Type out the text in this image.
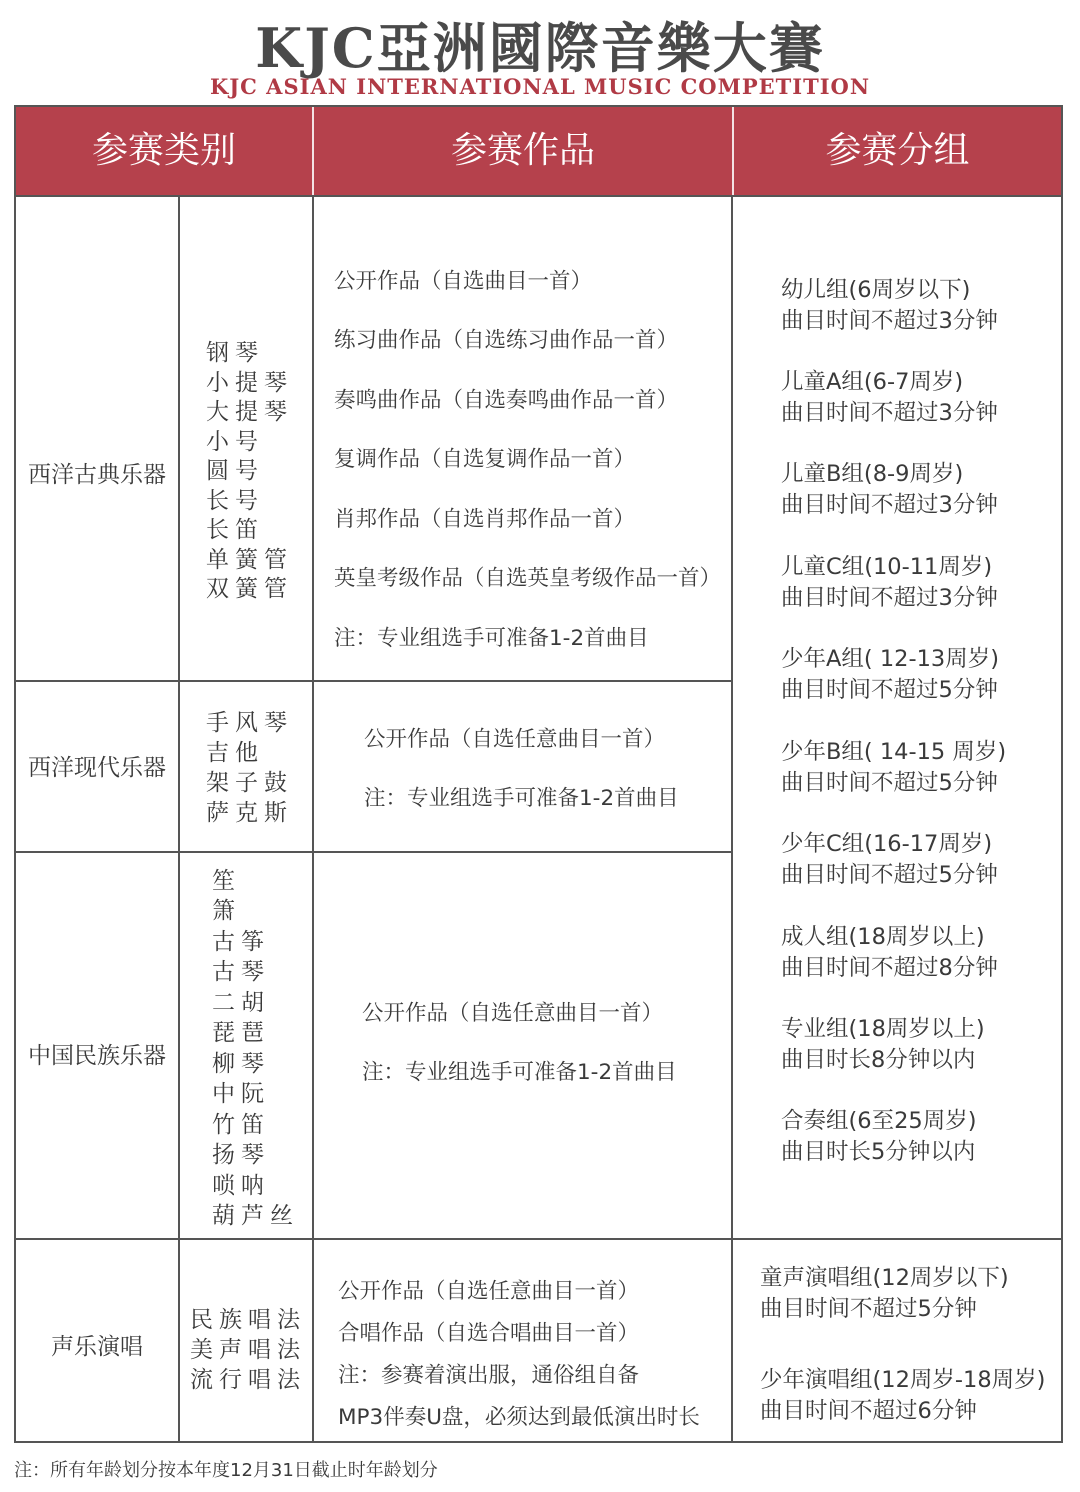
KJC亞洲國際音樂大賽
KJC ASIAN INTERNATIONAL MUSIC COMPETITION
参赛类别	参赛作品	参赛分组
西洋古典乐器
钢琴
小提琴
大提琴
小号
圆号
长号
长笛
单簧管
双簧管
公开作品（自选曲目一首）
练习曲作品（自选练习曲作品一首）
奏鸣曲作品（自选奏鸣曲作品一首）
复调作品（自选复调作品一首）
肖邦作品（自选肖邦作品一首）
英皇考级作品（自选英皇考级作品一首）
注：专业组选手可准备1-2首曲目
西洋现代乐器
手风琴
吉他
架子鼓
萨克斯
公开作品（自选任意曲目一首）
注：专业组选手可准备1-2首曲目
中国民族乐器
笙
箫
古筝
古琴
二胡
琵琶
柳琴
中阮
竹笛
扬琴
唢呐
葫芦丝
公开作品（自选任意曲目一首）
注：专业组选手可准备1-2首曲目
声乐演唱
民族唱法
美声唱法
流行唱法
公开作品（自选任意曲目一首）
合唱作品（自选合唱曲目一首）
注：参赛着演出服，通俗组自备
MP3伴奏U盘，必须达到最低演出时长
幼儿组(6周岁以下)
曲目时间不超过3分钟
儿童A组(6-7周岁)
曲目时间不超过3分钟
儿童B组(8-9周岁)
曲目时间不超过3分钟
儿童C组(10-11周岁)
曲目时间不超过3分钟
少年A组( 12-13周岁)
曲目时间不超过5分钟
少年B组( 14-15 周岁)
曲目时间不超过5分钟
少年C组(16-17周岁)
曲目时间不超过5分钟
成人组(18周岁以上)
曲目时间不超过8分钟
专业组(18周岁以上)
曲目时长8分钟以内
合奏组(6至25周岁)
曲目时长5分钟以内
童声演唱组(12周岁以下)
曲目时间不超过5分钟
少年演唱组(12周岁-18周岁)
曲目时间不超过6分钟
注：所有年龄划分按本年度12月31日截止时年龄划分
